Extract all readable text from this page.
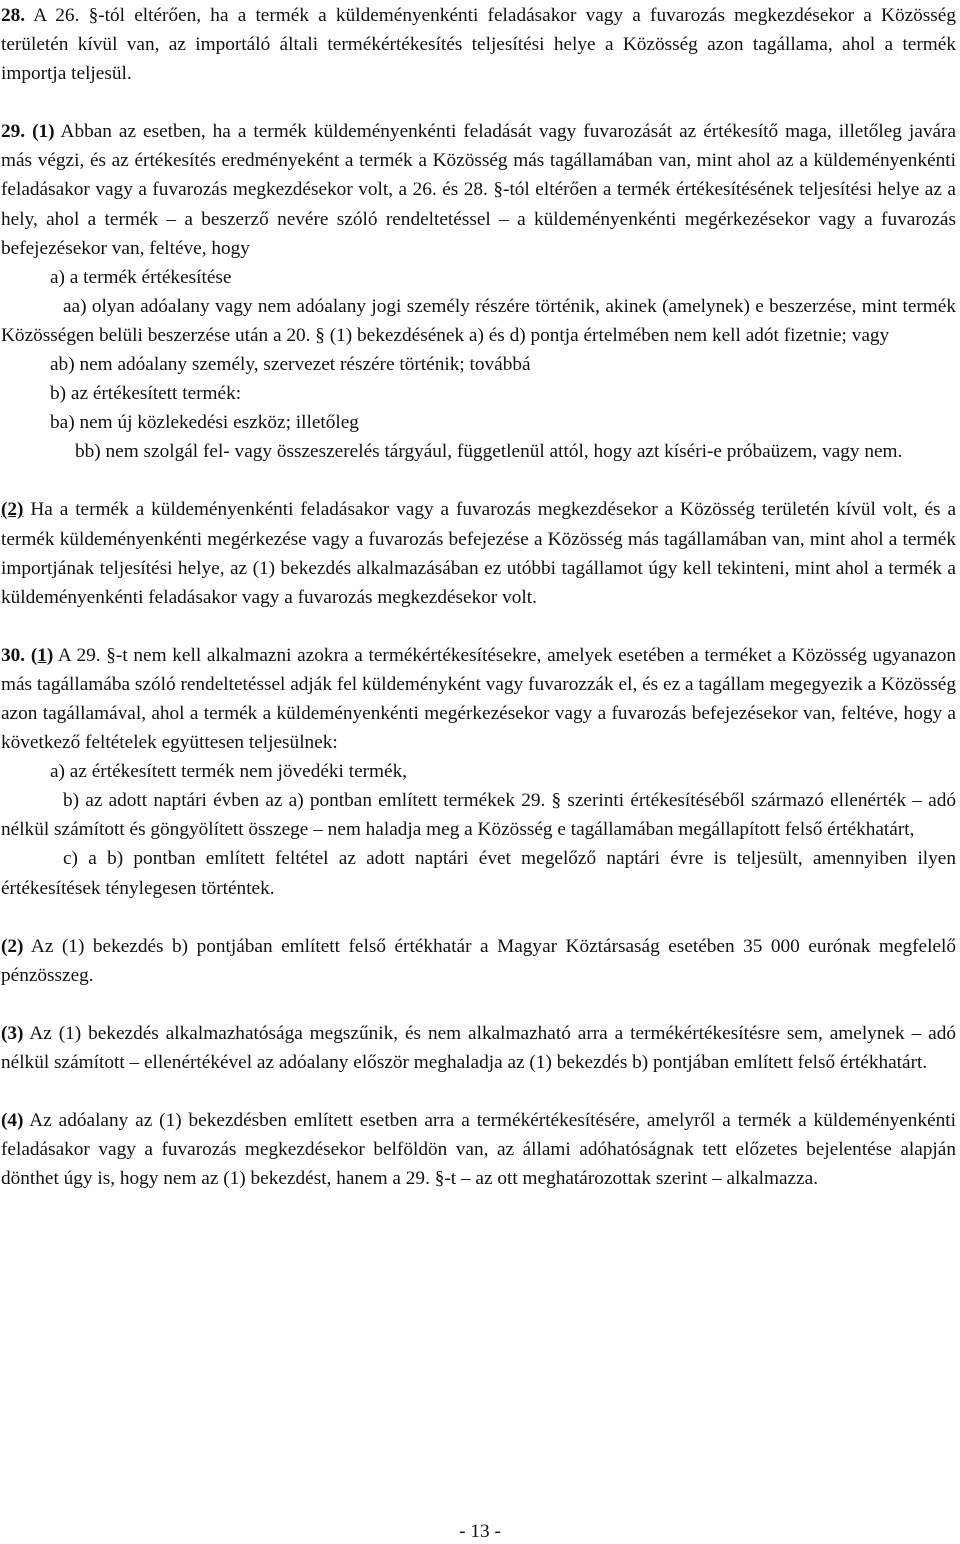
28. A 26. §-tól eltérően, ha a termék a küldeményenkénti feladásakor vagy a fuvarozás megkezdésekor a Közösség területén kívül van, az importáló általi termékértékesítés teljesítési helye a Közösség azon tagállama, ahol a termék importja teljesül.

29. (1) Abban az esetben, ha a termék küldeményenkénti feladását vagy fuvarozását az értékesítő maga, illetőleg javára más végzi, és az értékesítés eredményeként a termék a Közösség más tagállamában van, mint ahol az a küldeményenkénti feladásakor vagy a fuvarozás megkezdésekor volt, a 26. és 28. §-tól eltérően a termék értékesítésének teljesítési helye az a hely, ahol a termék – a beszerző nevére szóló rendeltetéssel – a küldeményenkénti megérkezésekor vagy a fuvarozás befejezésekor van, feltéve, hogy

a) a termék értékesítése

aa) olyan adóalany vagy nem adóalany jogi személy részére történik, akinek (amelynek) e beszerzése, mint termék Közösségen belüli beszerzése után a 20. § (1) bekezdésének a) és d) pontja értelmében nem kell adót fizetnie; vagy

ab) nem adóalany személy, szervezet részére történik; továbbá

b) az értékesített termék:

ba) nem új közlekedési eszköz; illetőleg

bb) nem szolgál fel- vagy összeszerelés tárgyául, függetlenül attól, hogy azt kíséri-e próbaüzem, vagy nem.

(2) Ha a termék a küldeményenkénti feladásakor vagy a fuvarozás megkezdésekor a Közösség területén kívül volt, és a termék küldeményenkénti megérkezése vagy a fuvarozás befejezése a Közösség más tagállamában van, mint ahol a termék importjának teljesítési helye, az (1) bekezdés alkalmazásában ez utóbbi tagállamot úgy kell tekinteni, mint ahol a termék a küldeményenkénti feladásakor vagy a fuvarozás megkezdésekor volt.

30. (1) A 29. §-t nem kell alkalmazni azokra a termékértékesítésekre, amelyek esetében a terméket a Közösség ugyanazon más tagállamába szóló rendeltetéssel adják fel küldeményként vagy fuvarozzák el, és ez a tagállam megegyezik a Közösség azon tagállamával, ahol a termék a küldeményenkénti megérkezésekor vagy a fuvarozás befejezésekor van, feltéve, hogy a következő feltételek együttesen teljesülnek:

a) az értékesített termék nem jövedéki termék,

b) az adott naptári évben az a) pontban említett termékek 29. § szerinti értékesítéséből származó ellenérték – adó nélkül számított és göngyölített összege – nem haladja meg a Közösség e tagállamában megállapított felső értékhatárt,

c) a b) pontban említett feltétel az adott naptári évet megelőző naptári évre is teljesült, amennyiben ilyen értékesítések ténylegesen történtek.

(2) Az (1) bekezdés b) pontjában említett felső értékhatár a Magyar Köztársaság esetében 35 000 eurónak megfelelő pénzösszeg.

(3) Az (1) bekezdés alkalmazhatósága megszűnik, és nem alkalmazható arra a termékértékesítésre sem, amelynek – adó nélkül számított – ellenértékével az adóalany először meghaladja az (1) bekezdés b) pontjában említett felső értékhatárt.

(4) Az adóalany az (1) bekezdésben említett esetben arra a termékértékesítésére, amelyről a termék a küldeményenkénti feladásakor vagy a fuvarozás megkezdésekor belföldön van, az állami adóhatóságnak tett előzetes bejelentése alapján dönthet úgy is, hogy nem az (1) bekezdést, hanem a 29. §-t – az ott meghatározottak szerint – alkalmazza.

- 13 -
